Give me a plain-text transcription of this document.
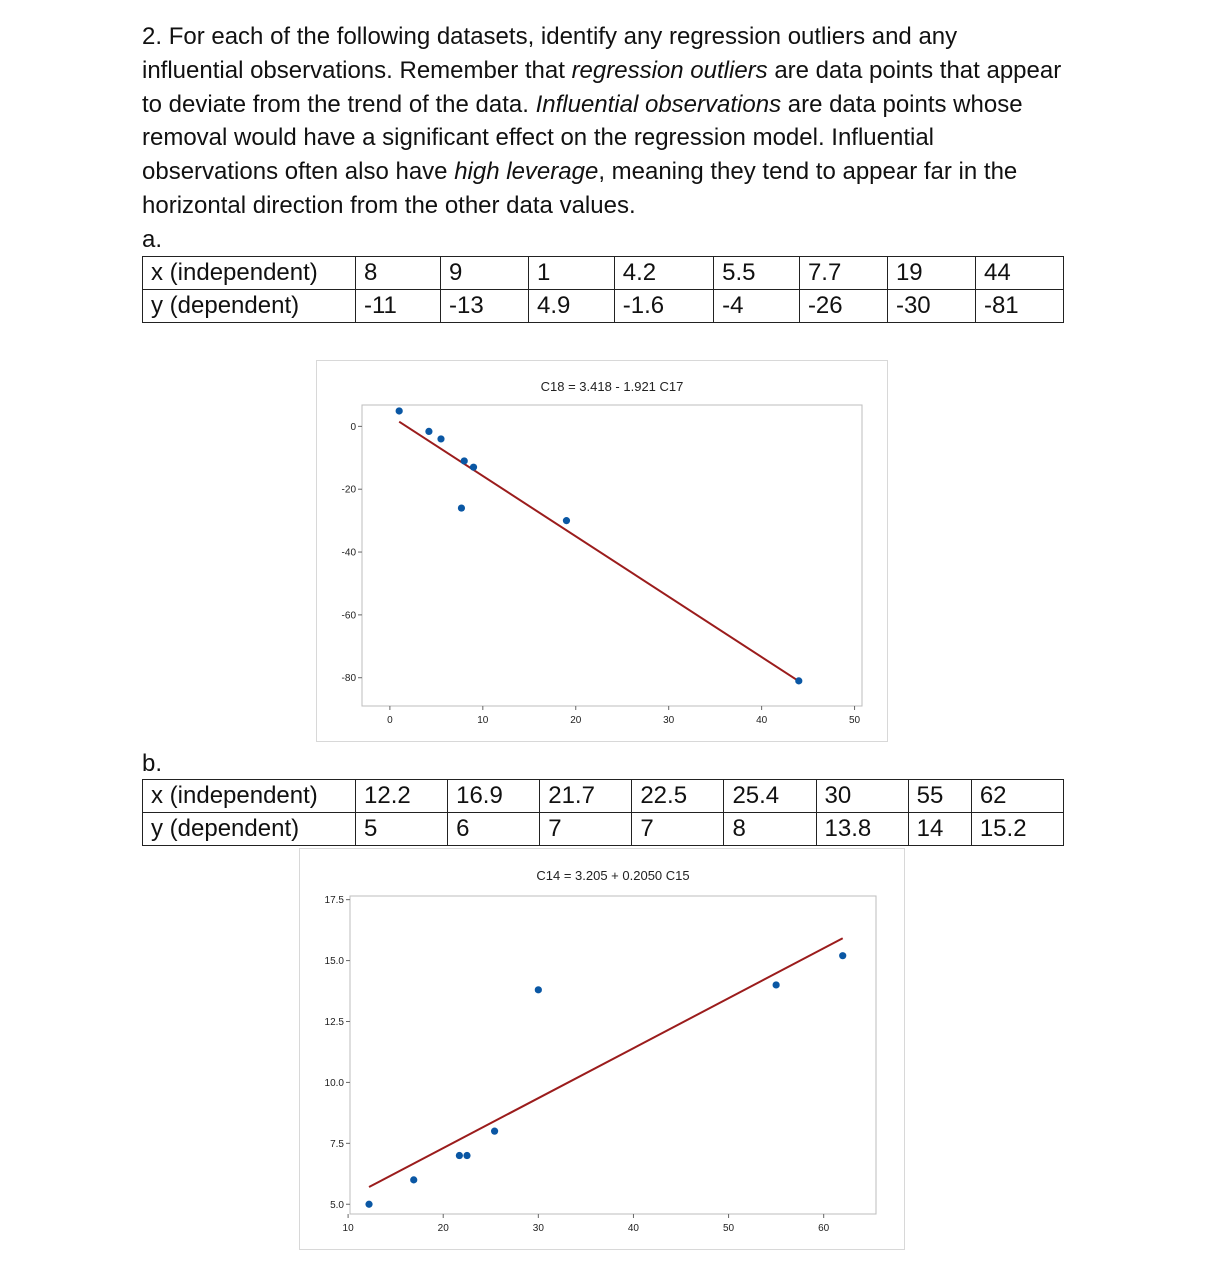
2. For each of the following datasets, identify any regression outliers and any influential observations. Remember that regression outliers are data points that appear to deviate from the trend of the data. Influential observations are data points whose removal would have a significant effect on the regression model. Influential observations often also have high leverage, meaning they tend to appear far in the horizontal direction from the other data values.
a.
x (independent)	8	9	1	4.2	5.5	7.7	19	44
y (dependent)	-11	-13	4.9	-1.6	-4	-26	-30	-81
C18 = 3.418 - 1.921 C17
0	10	20	30	40	50
0
-20
-40
-60
-80
b.
x (independent)	12.2	16.9	21.7	22.5	25.4	30	55	62
y (dependent)	5	6	7	7	8	13.8	14	15.2
C14 = 3.205 + 0.2050 C15
10	20	30	40	50	60
5.0
7.5
10.0
12.5
15.0
17.5
